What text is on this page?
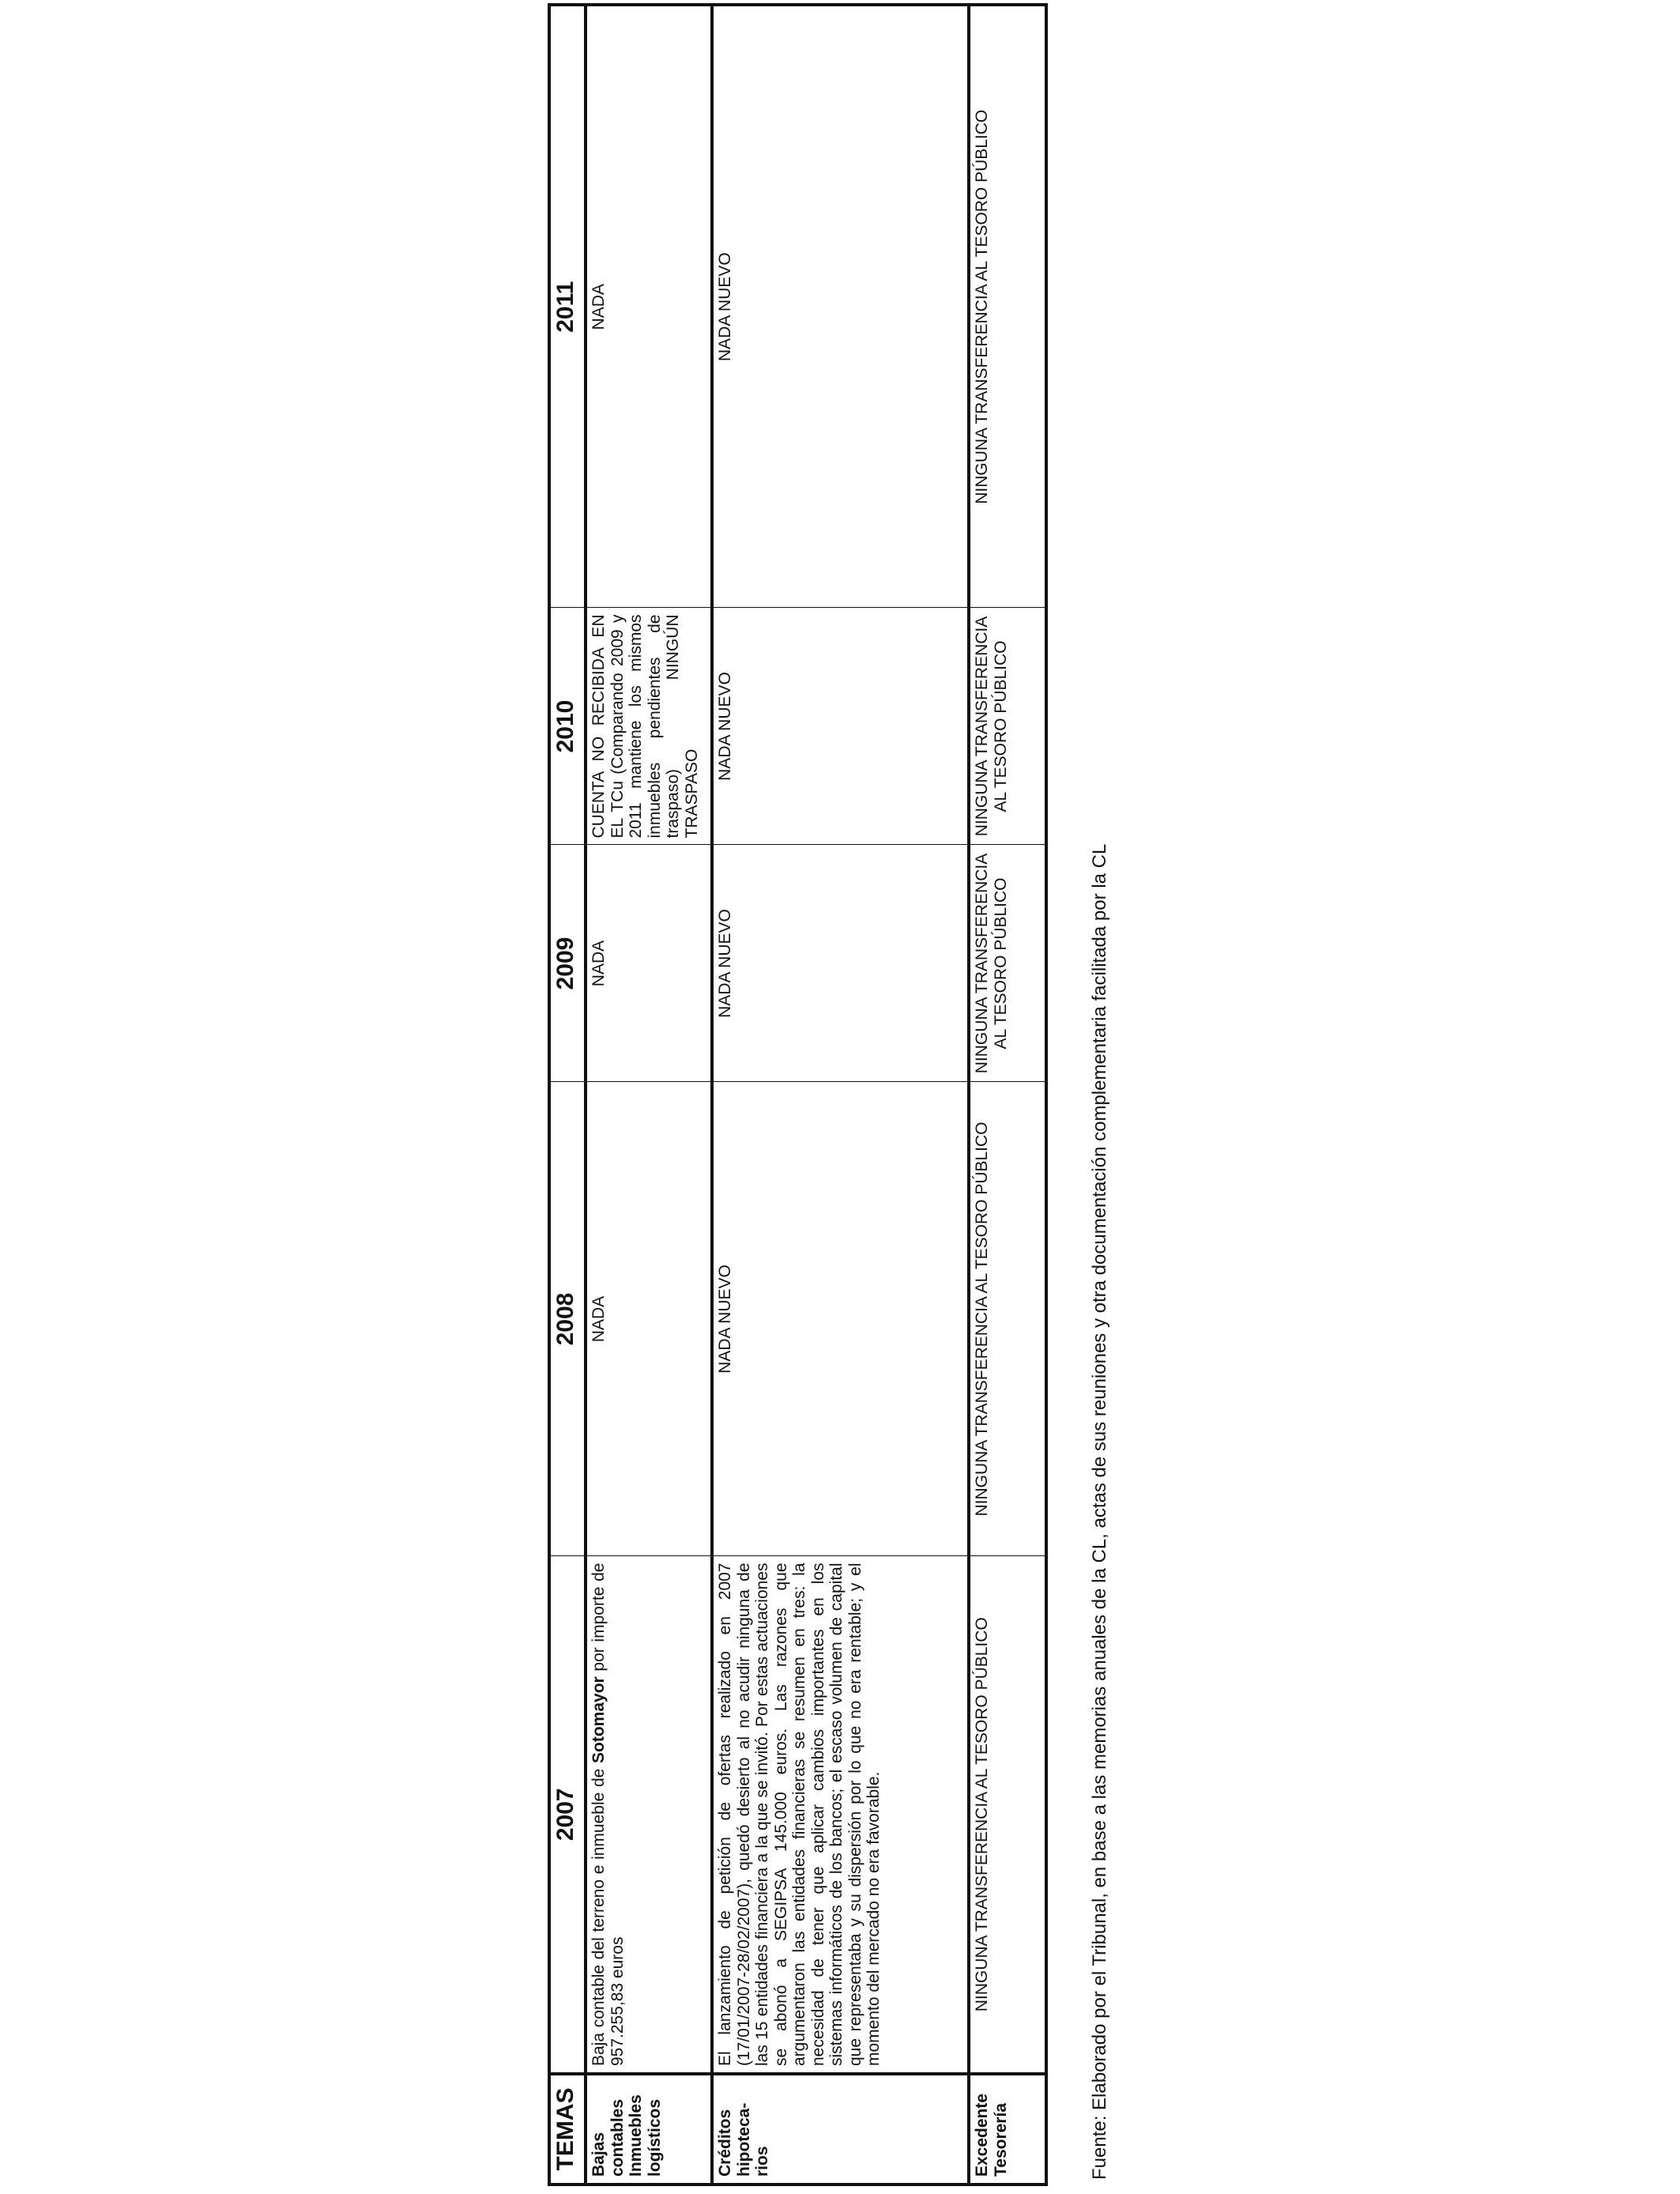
TEMAS	2007	2008	2009	2010	2011
Bajas contables Inmuebles logísticos	Baja contable del terreno e inmueble de Sotomayor por importe de 957.255,83 euros	NADA	NADA	CUENTA NO RECIBIDA EN EL TCu (Comparando 2009 y 2011 mantiene los mismos inmuebles pendientes de traspaso) NINGÚN TRASPASO	NADA
Créditos hipoteca- rios	El lanzamiento de petición de ofertas realizado en 2007 (17/01/2007-28/02/2007), quedó desierto al no acudir ninguna de las 15 entidades financiera a la que se invitó. Por estas actuaciones se abonó a SEGIPSA 145.000 euros. Las razones que argumentaron las entidades financieras se resumen en tres: la necesidad de tener que aplicar cambios importantes en los sistemas informáticos de los bancos; el escaso volumen de capital que representaba y su dispersión por lo que no era rentable; y el momento del mercado no era favorable.	NADA NUEVO	NADA NUEVO	NADA NUEVO	NADA NUEVO
Excedente Tesorería	NINGUNA TRANSFERENCIA AL TESORO PÚBLICO	NINGUNA TRANSFERENCIA AL TESORO PÚBLICO	NINGUNA TRANSFERENCIA AL TESORO PÚBLICO	NINGUNA TRANSFERENCIA AL TESORO PÚBLICO	NINGUNA TRANSFERENCIA AL TESORO PÚBLICO
Fuente: Elaborado por el Tribunal, en base a las memorias anuales de la CL, actas de sus reuniones y otra documentación complementaria facilitada por la CL
